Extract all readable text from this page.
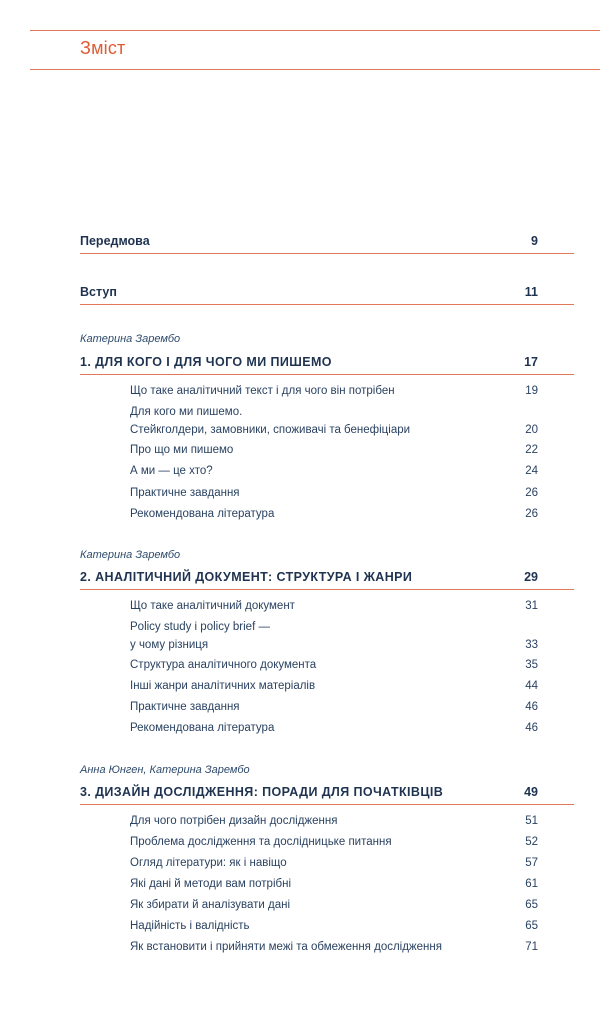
Зміст
Передмова	9
Вступ	11
Катерина Зарембо
1. ДЛЯ КОГО І ДЛЯ ЧОГО МИ ПИШЕМО	17
Що таке аналітичний текст і для чого він потрібен	19
Для кого ми пишемо.
Стейкголдери, замовники, споживачі та бенефіціари	20
Про що ми пишемо	22
А ми — це хто?	24
Практичне завдання	26
Рекомендована література	26
Катерина Зарембо
2. АНАЛІТИЧНИЙ ДОКУМЕНТ: СТРУКТУРА І ЖАНРИ	29
Що таке аналітичний документ	31
Policy study і policy brief —
у чому різниця	33
Структура аналітичного документа	35
Інші жанри аналітичних матеріалів	44
Практичне завдання	46
Рекомендована література	46
Анна Юнген, Катерина Зарембо
3. ДИЗАЙН ДОСЛІДЖЕННЯ: ПОРАДИ ДЛЯ ПОЧАТКІВЦІВ	49
Для чого потрібен дизайн дослідження	51
Проблема дослідження та дослідницьке питання	52
Огляд літератури: як і навіщо	57
Які дані й методи вам потрібні	61
Як збирати й аналізувати дані	65
Надійність і валідність	65
Як встановити і прийняти межі та обмеження дослідження	71
